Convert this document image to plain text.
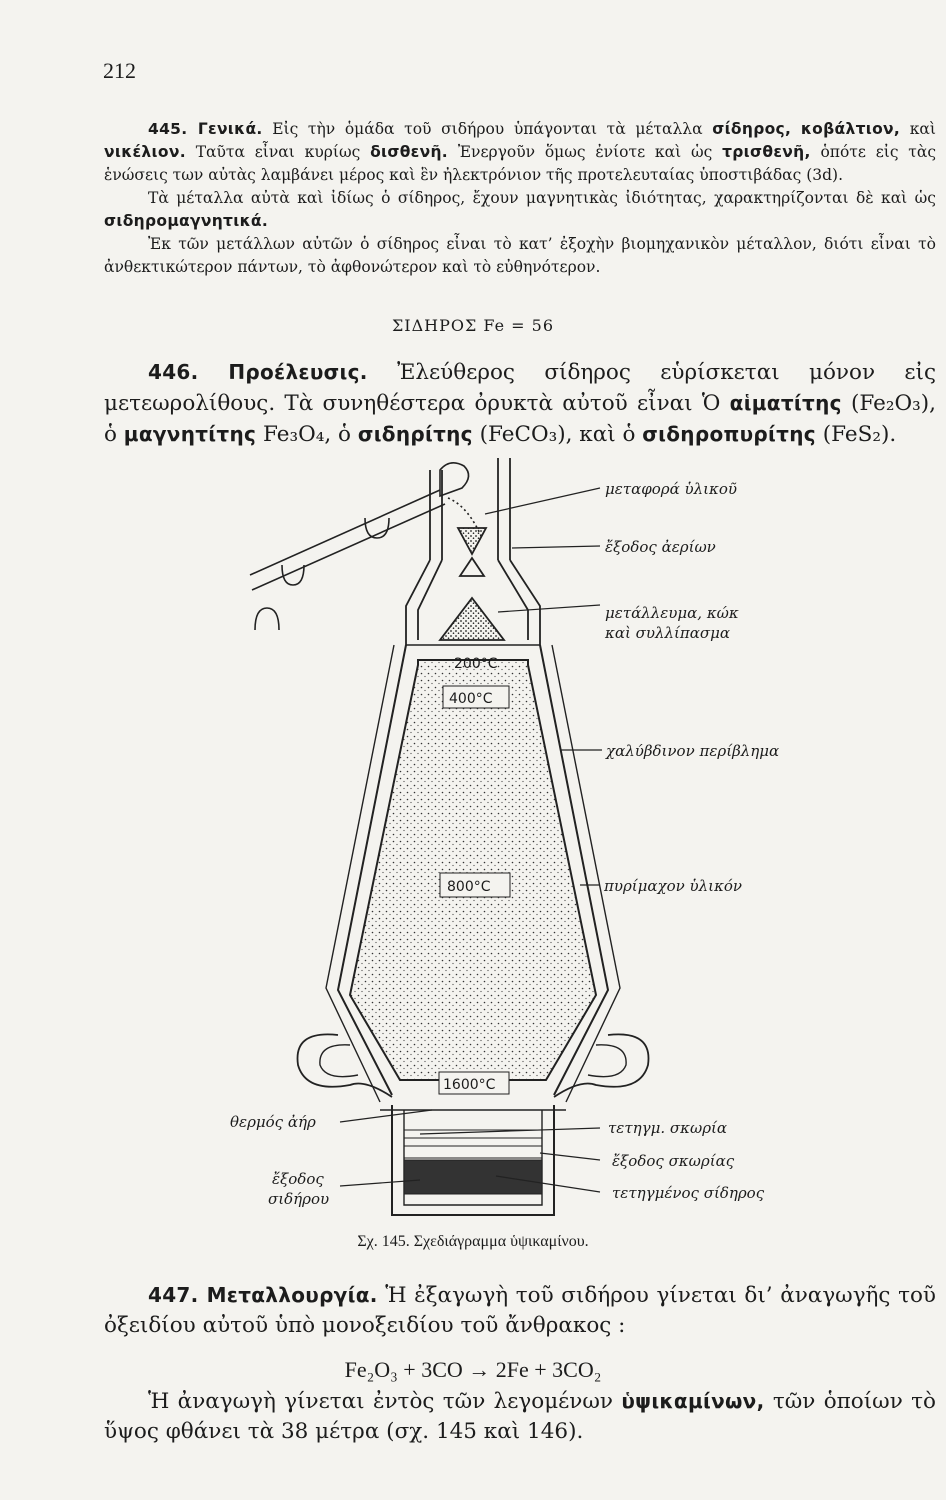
212
445. Γενικά. Εἰς τὴν ὁμάδα τοῦ σιδήρου ὑπάγονται τὰ μέταλλα σίδηρος, κοβάλτιον, καὶ νικέλιον. Ταῦτα εἶναι κυρίως δισθενῆ. Ἐνεργοῦν ὅμως ἐνίοτε καὶ ὡς τρισθενῆ, ὁπότε εἰς τὰς ἑνώσεις των αὐτὰς λαμβάνει μέρος καὶ ἓν ἠλεκτρόνιον τῆς προτελευταίας ὑποστιβάδας (3d).
Τὰ μέταλλα αὐτὰ καὶ ἰδίως ὁ σίδηρος, ἔχουν μαγνητικὰς ἰδιότητας, χαρακτηρίζονται δὲ καὶ ὡς σιδηρομαγνητικά.
Ἐκ τῶν μετάλλων αὐτῶν ὁ σίδηρος εἶναι τὸ κατ’ ἐξοχὴν βιομηχανικὸν μέταλλον, διότι εἶναι τὸ ἀνθεκτικώτερον πάντων, τὸ ἀφθονώτερον καὶ τὸ εὐθηνότερον.
ΣΙΔΗΡΟΣ Fe = 56
446. Προέλευσις. Ἐλεύθερος σίδηρος εὑρίσκεται μόνον εἰς μετεωρολίθους. Τὰ συνηθέστερα ὀρυκτὰ αὐτοῦ εἶναι Ὁ αἱματίτης (Fe₂O₃), ὁ μαγνητίτης Fe₃O₄, ὁ σιδηρίτης (FeCO₃), καὶ ὁ σιδηροπυρίτης (FeS₂).
200°C
400°C
800°C
1600°C
μεταφορά ὑλικοῦ
ἔξοδος ἀερίων
μετάλλευμα, κώκ
καὶ συλλίπασμα
χαλύβδινον περίβλημα
πυρίμαχον ὑλικόν
θερμός ἀήρ	τετηγμ. σκωρία
ἔξοδος σκωρίας
τετηγμένος σίδηρος
ἔξοδος
σιδήρου
Σχ. 145. Σχεδιάγραμμα ὑψικαμίνου.
447. Μεταλλουργία. Ἡ ἐξαγωγὴ τοῦ σιδήρου γίνεται δι’ ἀναγωγῆς τοῦ ὀξειδίου αὐτοῦ ὑπὸ μονοξειδίου τοῦ ἄνθρακος :
Fe₂O₃ + 3CO → 2Fe + 3CO₂
Ἡ ἀναγωγὴ γίνεται ἐντὸς τῶν λεγομένων ὑψικαμίνων, τῶν ὁποίων τὸ ὕψος φθάνει τὰ 38 μέτρα (σχ. 145 καὶ 146).
